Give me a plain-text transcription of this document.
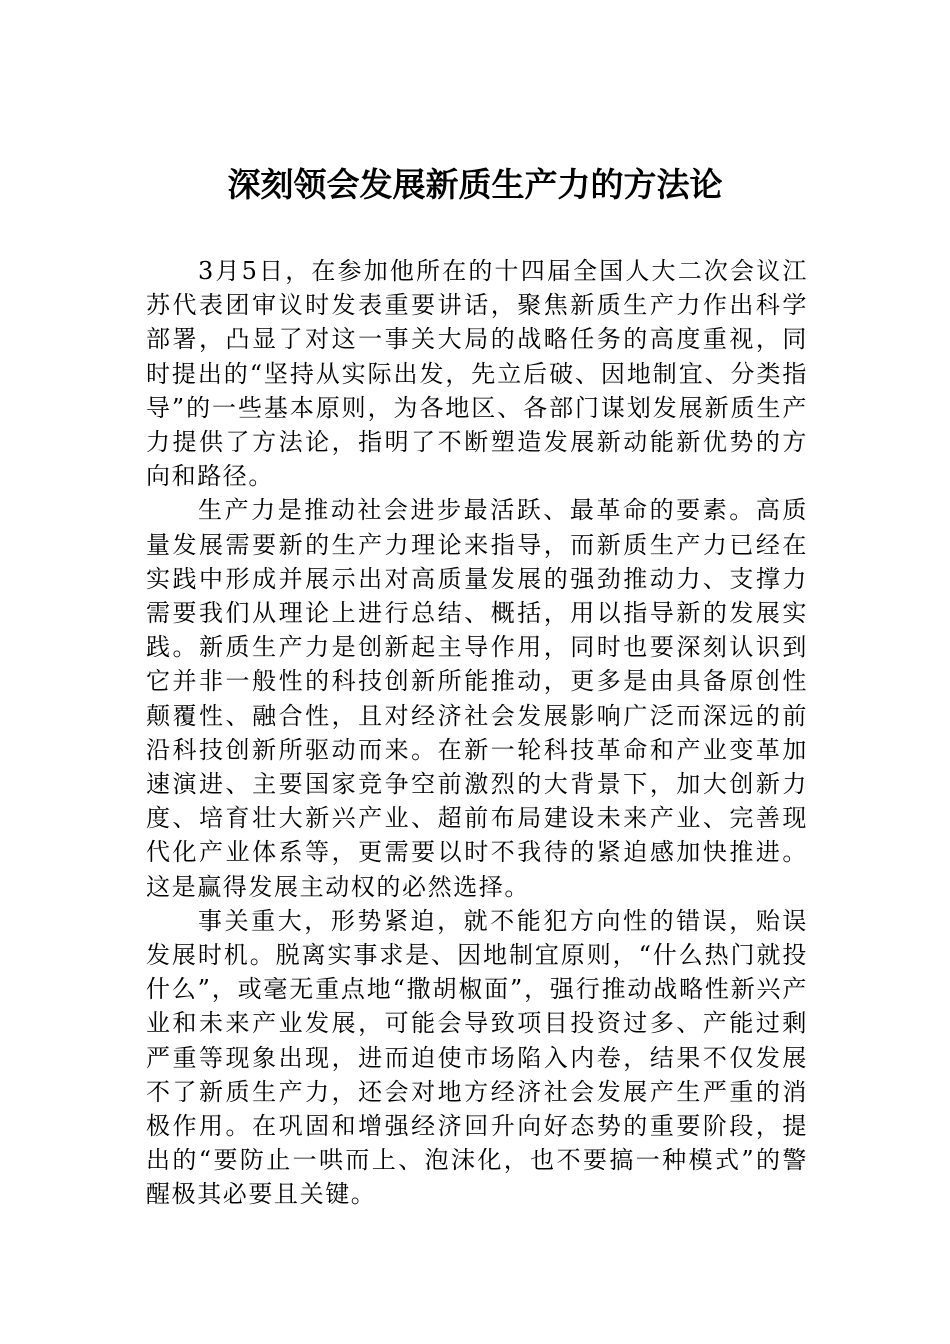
深刻领会发展新质生产力的方法论

3月5日，在参加他所在的十四届全国人大二次会议江苏代表团审议时发表重要讲话，聚焦新质生产力作出科学部署，凸显了对这一事关大局的战略任务的高度重视，同时提出的“坚持从实际出发，先立后破、因地制宜、分类指导”的一些基本原则，为各地区、各部门谋划发展新质生产力提供了方法论，指明了不断塑造发展新动能新优势的方向和路径。

生产力是推动社会进步最活跃、最革命的要素。高质量发展需要新的生产力理论来指导，而新质生产力已经在实践中形成并展示出对高质量发展的强劲推动力、支撑力需要我们从理论上进行总结、概括，用以指导新的发展实践。新质生产力是创新起主导作用，同时也要深刻认识到它并非一般性的科技创新所能推动，更多是由具备原创性颠覆性、融合性，且对经济社会发展影响广泛而深远的前沿科技创新所驱动而来。在新一轮科技革命和产业变革加速演进、主要国家竞争空前激烈的大背景下，加大创新力度、培育壮大新兴产业、超前布局建设未来产业、完善现代化产业体系等，更需要以时不我待的紧迫感加快推进。这是赢得发展主动权的必然选择。

事关重大，形势紧迫，就不能犯方向性的错误，贻误发展时机。脱离实事求是、因地制宜原则，“什么热门就投什么”，或毫无重点地“撒胡椒面”，强行推动战略性新兴产业和未来产业发展，可能会导致项目投资过多、产能过剩严重等现象出现，进而迫使市场陷入内卷，结果不仅发展不了新质生产力，还会对地方经济社会发展产生严重的消极作用。在巩固和增强经济回升向好态势的重要阶段，提出的“要防止一哄而上、泡沫化，也不要搞一种模式”的警醒极其必要且关键。
